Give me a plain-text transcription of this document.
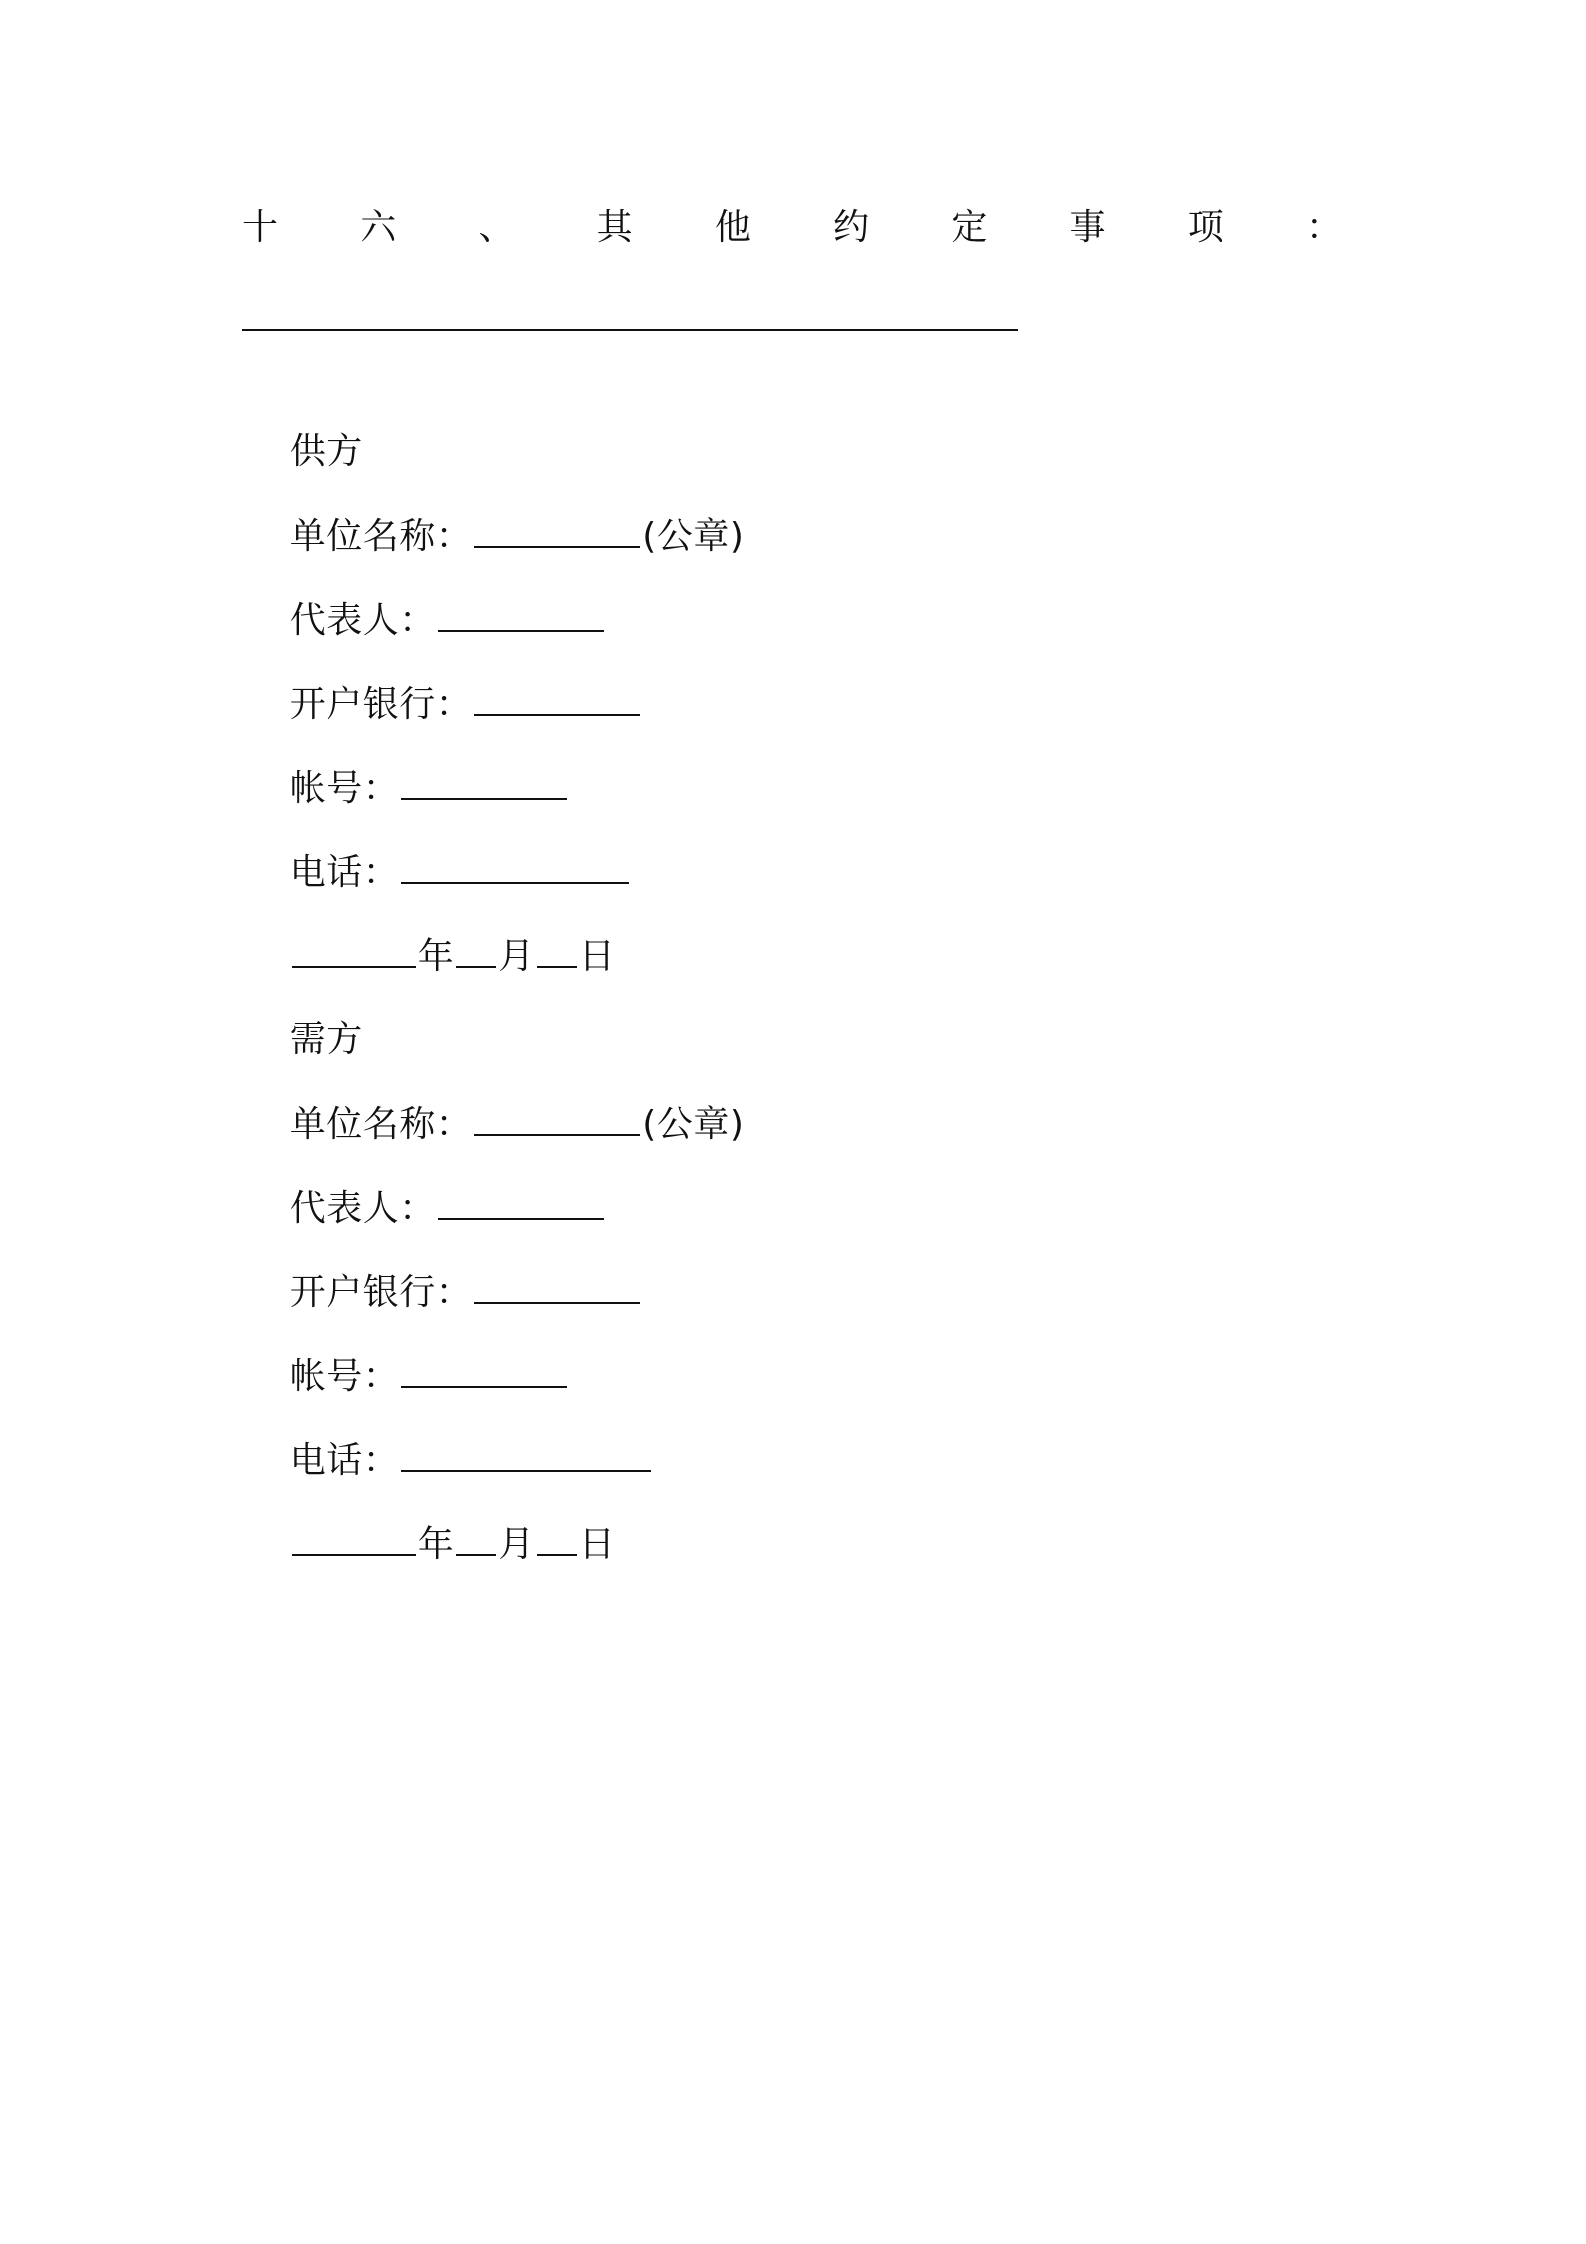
十 六 、 其 他 约 定 事 项 ：

供方

单位名称：	(公章)

代表人：

开户银行：

帐号：

电话：

年 月 日

需方

单位名称：	(公章)

代表人：

开户银行：

帐号：

电话：

年 月 日
